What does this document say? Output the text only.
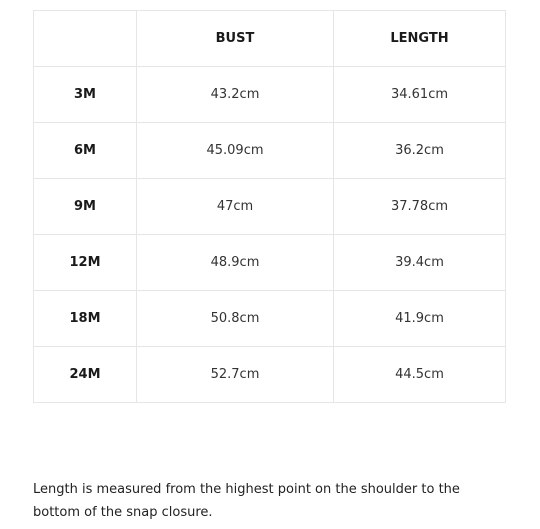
	BUST	LENGTH
3M	43.2cm	34.61cm
6M	45.09cm	36.2cm
9M	47cm	37.78cm
12M	48.9cm	39.4cm
18M	50.8cm	41.9cm
24M	52.7cm	44.5cm

Length is measured from the highest point on the shoulder to the bottom of the snap closure.
